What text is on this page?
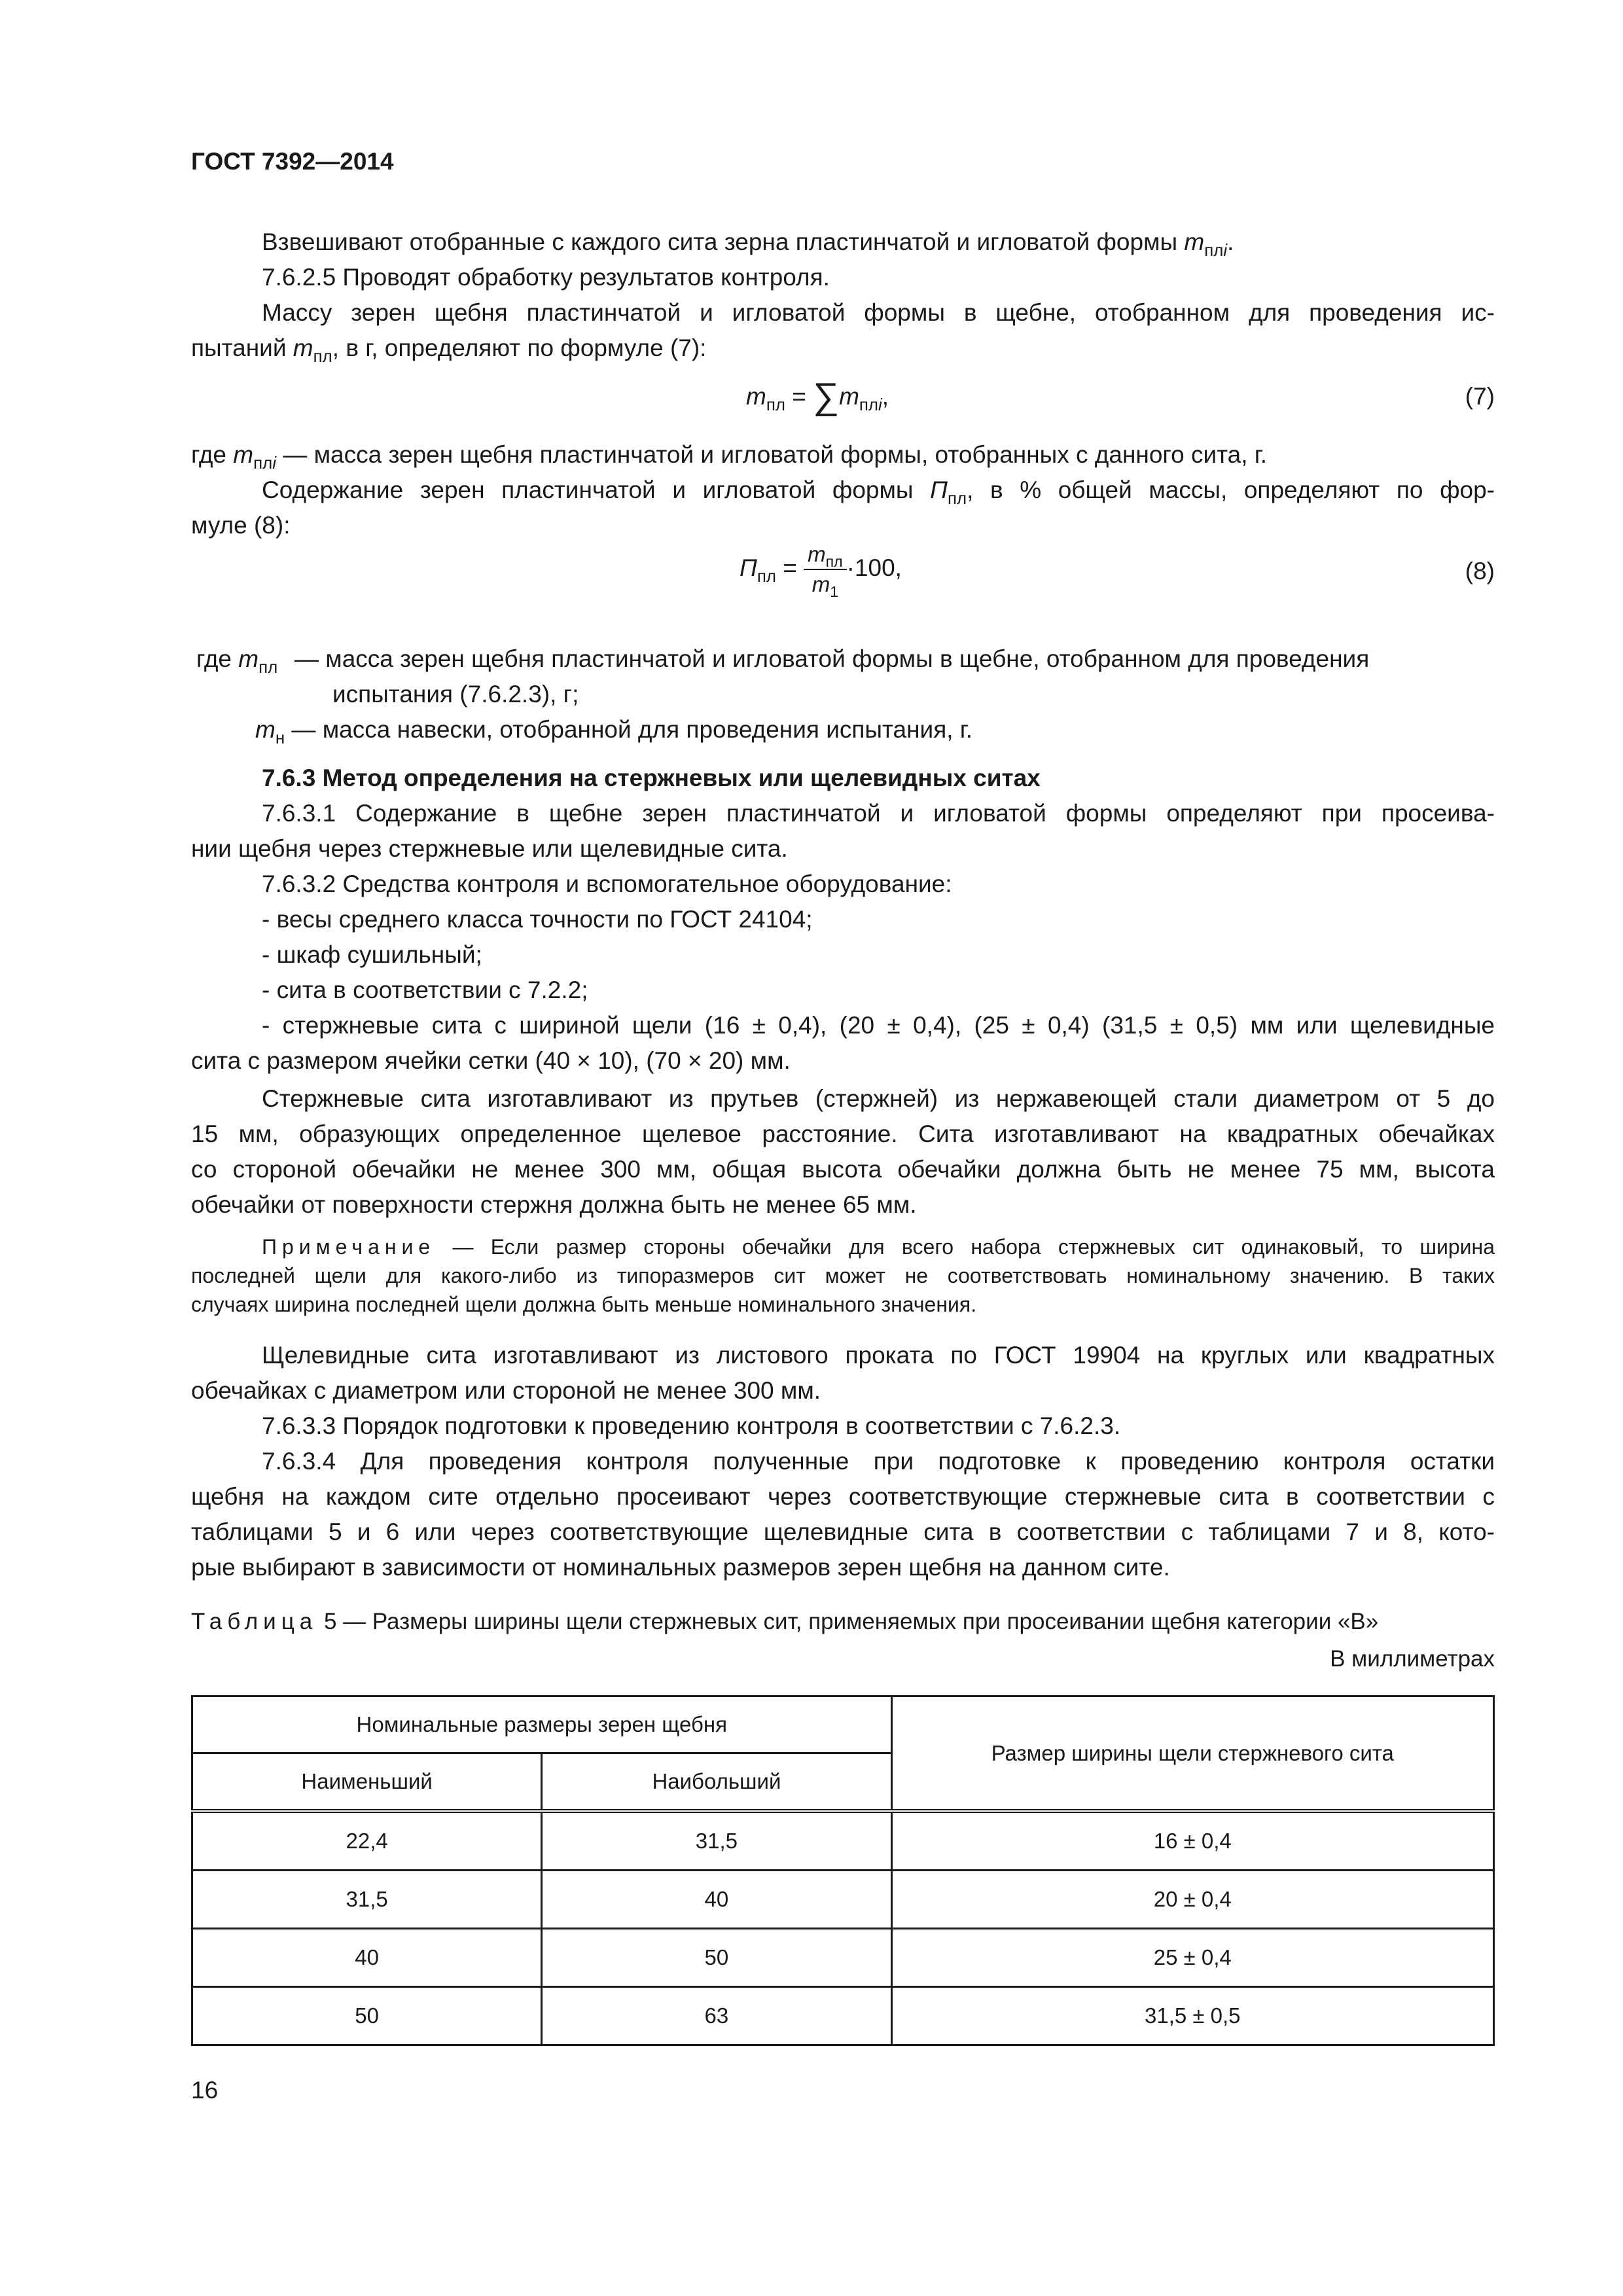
ГОСТ 7392—2014
Взвешивают отобранные с каждого сита зерна пластинчатой и игловатой формы $m_{плi}$.
7.6.2.5 Проводят обработку результатов контроля.
Массу зерен щебня пластинчатой и игловатой формы в щебне, отобранном для проведения ис-
пытаний $m_{пл}$, в г, определяют по формуле (7):
$m_{пл} = \sum m_{плi}$,	(7)
где $m_{плi}$ — масса зерен щебня пластинчатой и игловатой формы, отобранных с данного сита, г.
Содержание зерен пластинчатой и игловатой формы $П_{пл}$, в % общей массы, определяют по фор-
муле (8):
$П_{пл} = \frac{m_{пл}}{m_1} \cdot 100$,	(8)
где $m_{пл}$ — масса зерен щебня пластинчатой и игловатой формы в щебне, отобранном для проведения
испытания (7.6.2.3), г;
$m_н$ — масса навески, отобранной для проведения испытания, г.
7.6.3 Метод определения на стержневых или щелевидных ситах
7.6.3.1 Содержание в щебне зерен пластинчатой и игловатой формы определяют при просеива-
нии щебня через стержневые или щелевидные сита.
7.6.3.2 Средства контроля и вспомогательное оборудование:
- весы среднего класса точности по ГОСТ 24104;
- шкаф сушильный;
- сита в соответствии с 7.2.2;
- стержневые сита с шириной щели (16 ± 0,4), (20 ± 0,4), (25 ± 0,4) (31,5 ± 0,5) мм или щелевидные
сита с размером ячейки сетки (40 × 10), (70 × 20) мм.
Стержневые сита изготавливают из прутьев (стержней) из нержавеющей стали диаметром от 5 до
15 мм, образующих определенное щелевое расстояние. Сита изготавливают на квадратных обечайках
со стороной обечайки не менее 300 мм, общая высота обечайки должна быть не менее 75 мм, высота
обечайки от поверхности стержня должна быть не менее 65 мм.
Примечание — Если размер стороны обечайки для всего набора стержневых сит одинаковый, то ширина
последней щели для какого-либо из типоразмеров сит может не соответствовать номинальному значению. В таких
случаях ширина последней щели должна быть меньше номинального значения.
Щелевидные сита изготавливают из листового проката по ГОСТ 19904 на круглых или квадратных
обечайках с диаметром или стороной не менее 300 мм.
7.6.3.3 Порядок подготовки к проведению контроля в соответствии с 7.6.2.3.
7.6.3.4 Для проведения контроля полученные при подготовке к проведению контроля остатки
щебня на каждом сите отдельно просеивают через соответствующие стержневые сита в соответствии с
таблицами 5 и 6 или через соответствующие щелевидные сита в соответствии с таблицами 7 и 8, кото-
рые выбирают в зависимости от номинальных размеров зерен щебня на данном сите.
Таблица 5 — Размеры ширины щели стержневых сит, применяемых при просеивании щебня категории «В»
В миллиметрах
Номинальные размеры зерен щебня		Размер ширины щели стержневого сита
Наименьший	Наибольший	
22,4	31,5	16 ± 0,4
31,5	40	20 ± 0,4
40	50	25 ± 0,4
50	63	31,5 ± 0,5
16
